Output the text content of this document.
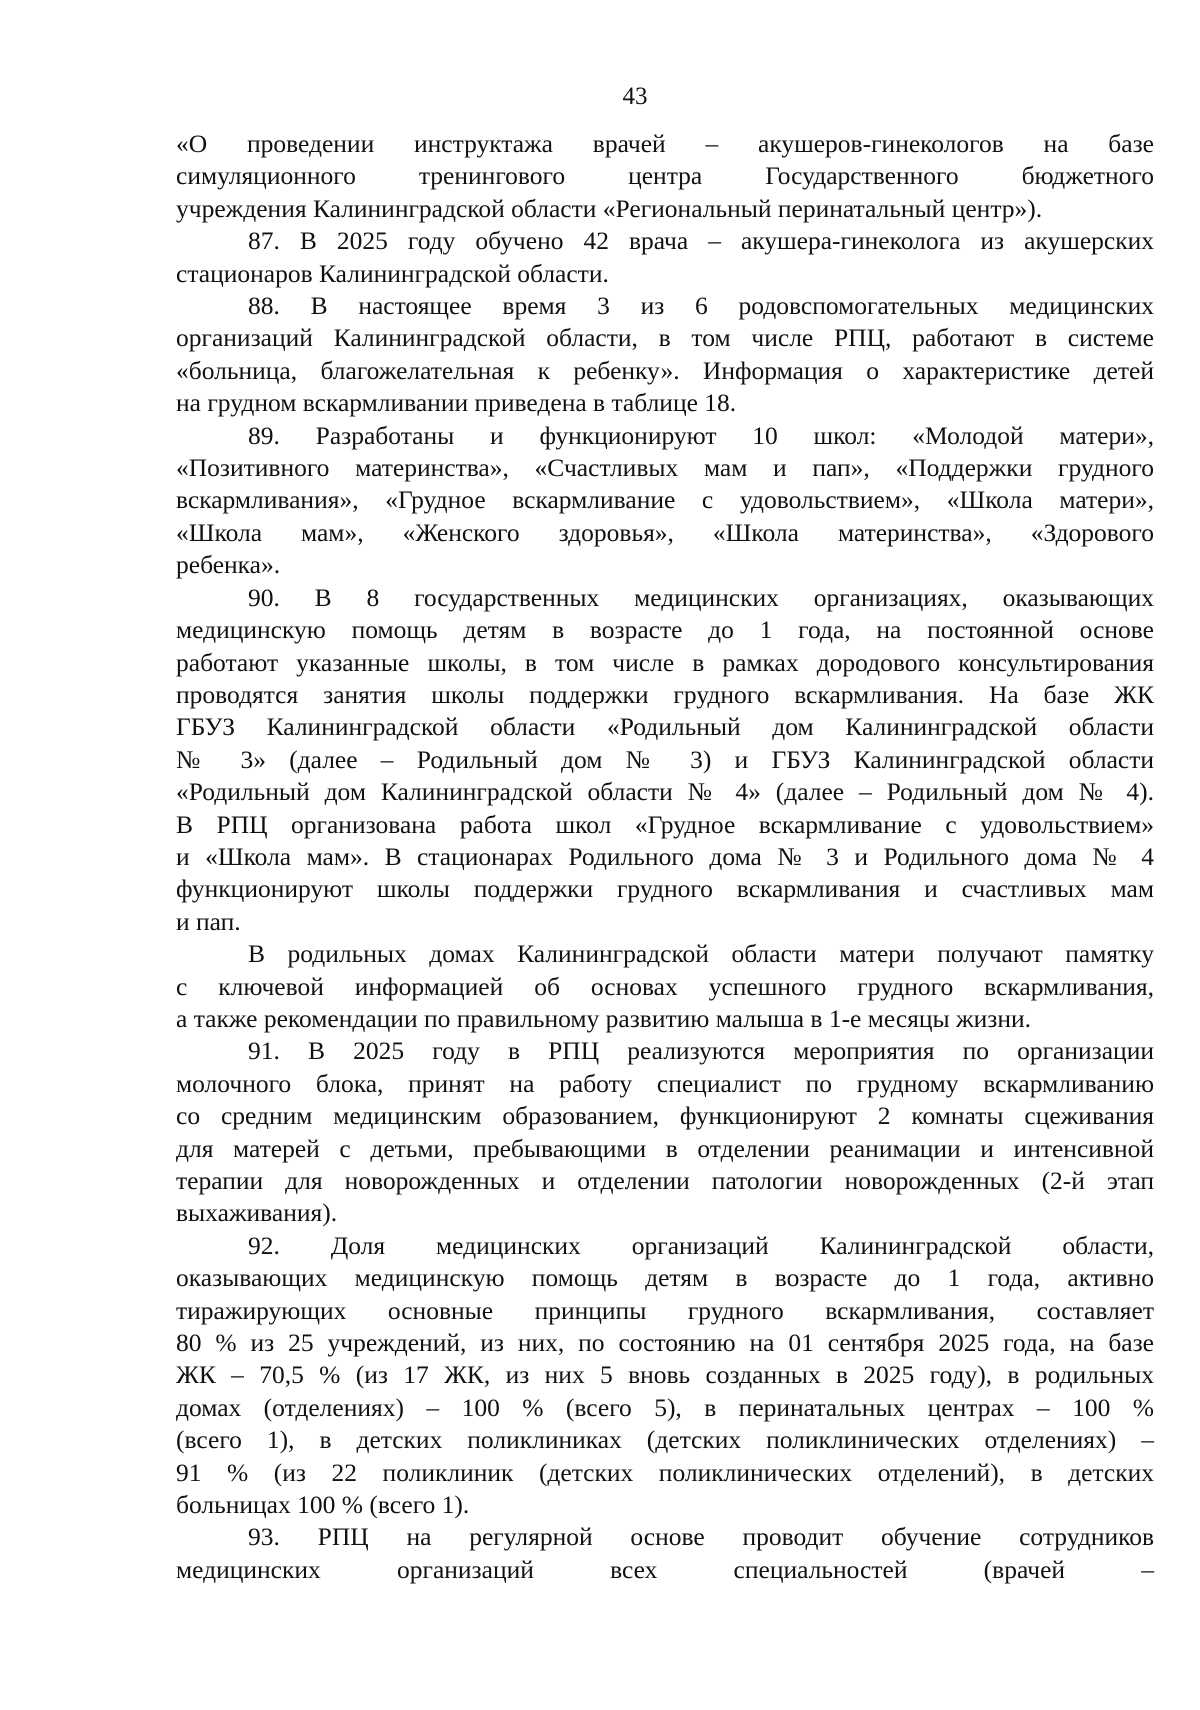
43

«О проведении инструктажа врачей – акушеров-гинекологов на базе
симуляционного тренингового центра Государственного бюджетного
учреждения Калининградской области «Региональный перинатальный центр»).

87. В 2025 году обучено 42 врача – акушера-гинеколога из акушерских
стационаров Калининградской области.

88. В настоящее время 3 из 6 родовспомогательных медицинских
организаций Калининградской области, в том числе РПЦ, работают в системе
«больница, благожелательная к ребенку». Информация о характеристике детей
на грудном вскармливании приведена в таблице 18.

89. Разработаны и функционируют 10 школ: «Молодой матери»,
«Позитивного материнства», «Счастливых мам и пап», «Поддержки грудного
вскармливания», «Грудное вскармливание с удовольствием», «Школа матери»,
«Школа мам», «Женского здоровья», «Школа материнства», «Здорового
ребенка».

90. В 8 государственных медицинских организациях, оказывающих
медицинскую помощь детям в возрасте до 1 года, на постоянной основе
работают указанные школы, в том числе в рамках дородового консультирования
проводятся занятия школы поддержки грудного вскармливания. На базе ЖК
ГБУЗ Калининградской области «Родильный дом Калининградской области
№ 3» (далее – Родильный дом № 3) и ГБУЗ Калининградской области
«Родильный дом Калининградской области № 4» (далее – Родильный дом № 4).
В РПЦ организована работа школ «Грудное вскармливание с удовольствием»
и «Школа мам». В стационарах Родильного дома № 3 и Родильного дома № 4
функционируют школы поддержки грудного вскармливания и счастливых мам
и пап.

В родильных домах Калининградской области матери получают памятку
с ключевой информацией об основах успешного грудного вскармливания,
а также рекомендации по правильному развитию малыша в 1-е месяцы жизни.

91. В 2025 году в РПЦ реализуются мероприятия по организации
молочного блока, принят на работу специалист по грудному вскармливанию
со средним медицинским образованием, функционируют 2 комнаты сцеживания
для матерей с детьми, пребывающими в отделении реанимации и интенсивной
терапии для новорожденных и отделении патологии новорожденных (2-й этап
выхаживания).

92. Доля медицинских организаций Калининградской области,
оказывающих медицинскую помощь детям в возрасте до 1 года, активно
тиражирующих основные принципы грудного вскармливания, составляет
80 % из 25 учреждений, из них, по состоянию на 01 сентября 2025 года, на базе
ЖК – 70,5 % (из 17 ЖК, из них 5 вновь созданных в 2025 году), в родильных
домах (отделениях) – 100 % (всего 5), в перинатальных центрах – 100 %
(всего 1), в детских поликлиниках (детских поликлинических отделениях) –
91 % (из 22 поликлиник (детских поликлинических отделений), в детских
больницах 100 % (всего 1).

93. РПЦ на регулярной основе проводит обучение сотрудников
медицинских организаций всех специальностей (врачей –
